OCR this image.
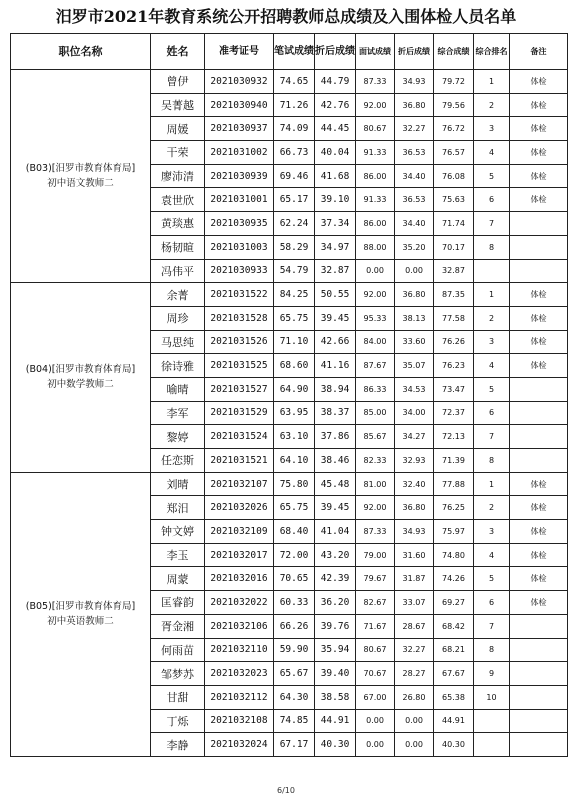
汨罗市2021年教育系统公开招聘教师总成绩及入围体检人员名单
职位名称	姓名	准考证号	笔试成绩	折后成绩	面试成绩	折后成绩	综合成绩	综合排名	备注

(B03)[汨罗市教育体育局]
初中语文教师二	曾伊	2021030932	74.65	44.79	87.33	34.93	79.72	1	体检
	吴菁越	2021030940	71.26	42.76	92.00	36.80	79.56	2	体检
	周媛	2021030937	74.09	44.45	80.67	32.27	76.72	3	体检
	干荣	2021031002	66.73	40.04	91.33	36.53	76.57	4	体检
	廖沛清	2021030939	69.46	41.68	86.00	34.40	76.08	5	体检
	袁世欣	2021031001	65.17	39.10	91.33	36.53	75.63	6	体检
	黄琰惠	2021030935	62.24	37.34	86.00	34.40	71.74	7	
	杨韧暄	2021031003	58.29	34.97	88.00	35.20	70.17	8	
	冯伟平	2021030933	54.79	32.87	0.00	0.00	32.87		

(B04)[汨罗市教育体育局]
初中数学教师二	余菁	2021031522	84.25	50.55	92.00	36.80	87.35	1	体检
	周珍	2021031528	65.75	39.45	95.33	38.13	77.58	2	体检
	马思纯	2021031526	71.10	42.66	84.00	33.60	76.26	3	体检
	徐诗雅	2021031525	68.60	41.16	87.67	35.07	76.23	4	体检
	喻晴	2021031527	64.90	38.94	86.33	34.53	73.47	5	
	李军	2021031529	63.95	38.37	85.00	34.00	72.37	6	
	黎婷	2021031524	63.10	37.86	85.67	34.27	72.13	7	
	任恋斯	2021031521	64.10	38.46	82.33	32.93	71.39	8	

(B05)[汨罗市教育体育局]
初中英语教师二	刘晴	2021032107	75.80	45.48	81.00	32.40	77.88	1	体检
	郑汨	2021032026	65.75	39.45	92.00	36.80	76.25	2	体检
	钟文婷	2021032109	68.40	41.04	87.33	34.93	75.97	3	体检
	李玉	2021032017	72.00	43.20	79.00	31.60	74.80	4	体检
	周蒙	2021032016	70.65	42.39	79.67	31.87	74.26	5	体检
	匡睿韵	2021032022	60.33	36.20	82.67	33.07	69.27	6	体检
	胥金湘	2021032106	66.26	39.76	71.67	28.67	68.42	7	
	何雨苗	2021032110	59.90	35.94	80.67	32.27	68.21	8	
	邹梦苏	2021032023	65.67	39.40	70.67	28.27	67.67	9	
	甘甜	2021032112	64.30	38.58	67.00	26.80	65.38	10	
	丁烁	2021032108	74.85	44.91	0.00	0.00	44.91		
	李静	2021032024	67.17	40.30	0.00	0.00	40.30		
6/10
